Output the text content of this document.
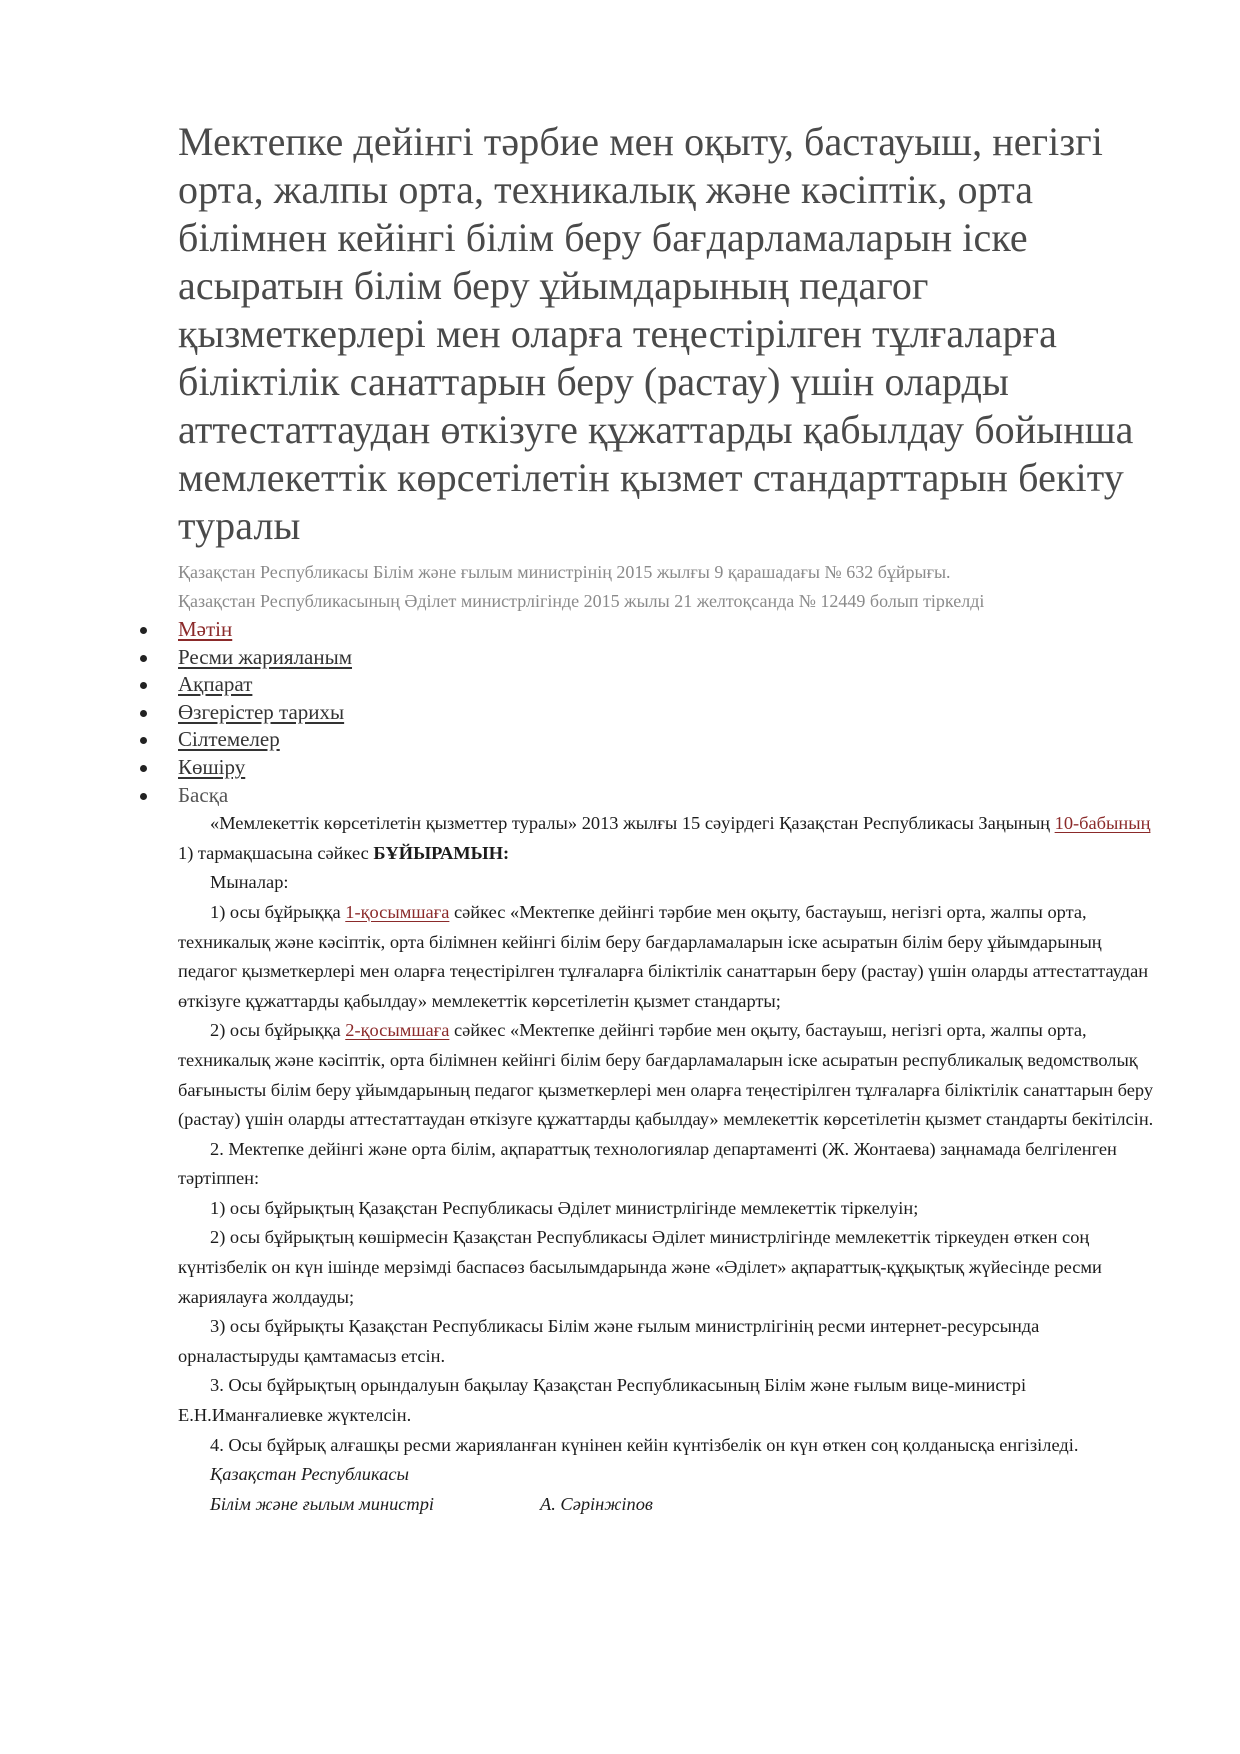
Мектепке дейінгі тәрбие мен оқыту, бастауыш, негізгі орта, жалпы орта, техникалық және кәсіптік, орта білімнен кейінгі білім беру бағдарламаларын іске асыратын білім беру ұйымдарының педагог қызметкерлері мен оларға теңестірілген тұлғаларға біліктілік санаттарын беру (растау) үшін оларды аттестаттаудан өткізуге құжаттарды қабылдау бойынша мемлекеттік көрсетілетін қызмет стандарттарын бекіту туралы
Қазақстан Республикасы Білім және ғылым министрінің 2015 жылғы 9 қарашадағы № 632 бұйрығы.
Қазақстан Республикасының Әділет министрлігінде 2015 жылы 21 желтоқсанда № 12449 болып тіркелді
Мәтін
Ресми жарияланым
Ақпарат
Өзгерістер тарихы
Сілтемелер
Көшіру
Басқа

«Мемлекеттік көрсетілетін қызметтер туралы» 2013 жылғы 15 сәуірдегі Қазақстан Республикасы Заңының 10-бабының 1) тармақшасына сәйкес БҰЙЫРАМЫН:

Мыналар:

1) осы бұйрыққа 1-қосымшаға сәйкес «Мектепке дейінгі тәрбие мен оқыту, бастауыш, негізгі орта, жалпы орта, техникалық және кәсіптік, орта білімнен кейінгі білім беру бағдарламаларын іске асыратын білім беру ұйымдарының педагог қызметкерлері мен оларға теңестірілген тұлғаларға біліктілік санаттарын беру (растау) үшін оларды аттестаттаудан өткізуге құжаттарды қабылдау» мемлекеттік көрсетілетін қызмет стандарты;

2) осы бұйрыққа 2-қосымшаға сәйкес «Мектепке дейінгі тәрбие мен оқыту, бастауыш, негізгі орта, жалпы орта, техникалық және кәсіптік, орта білімнен кейінгі білім беру бағдарламаларын іске асыратын республикалық ведомстволық бағынысты білім беру ұйымдарының педагог қызметкерлері мен оларға теңестірілген тұлғаларға біліктілік санаттарын беру (растау) үшін оларды аттестаттаудан өткізуге құжаттарды қабылдау» мемлекеттік көрсетілетін қызмет стандарты бекітілсін.

2. Мектепке дейінгі және орта білім, ақпараттық технологиялар департаменті (Ж. Жонтаева) заңнамада белгіленген тәртіппен:

1) осы бұйрықтың Қазақстан Республикасы Әділет министрлігінде мемлекеттік тіркелуін;

2) осы бұйрықтың көшірмесін Қазақстан Республикасы Әділет министрлігінде мемлекеттік тіркеуден өткен соң күнтізбелік он күн ішінде мерзімді баспасөз басылымдарында және «Әділет» ақпараттық-құқықтық жүйесінде ресми жариялауға жолдауды;

3) осы бұйрықты Қазақстан Республикасы Білім және ғылым министрлігінің ресми интернет-ресурсында орналастыруды қамтамасыз етсін.

3. Осы бұйрықтың орындалуын бақылау Қазақстан Республикасының Білім және ғылым вице-министрі Е.Н.Иманғалиевке жүктелсін.

4. Осы бұйрық алғашқы ресми жарияланған күнінен кейін күнтізбелік он күн өткен соң қолданысқа енгізіледі.

Қазақстан Республикасы
Білім және ғылым министрі	А. Сәрінжіпов
